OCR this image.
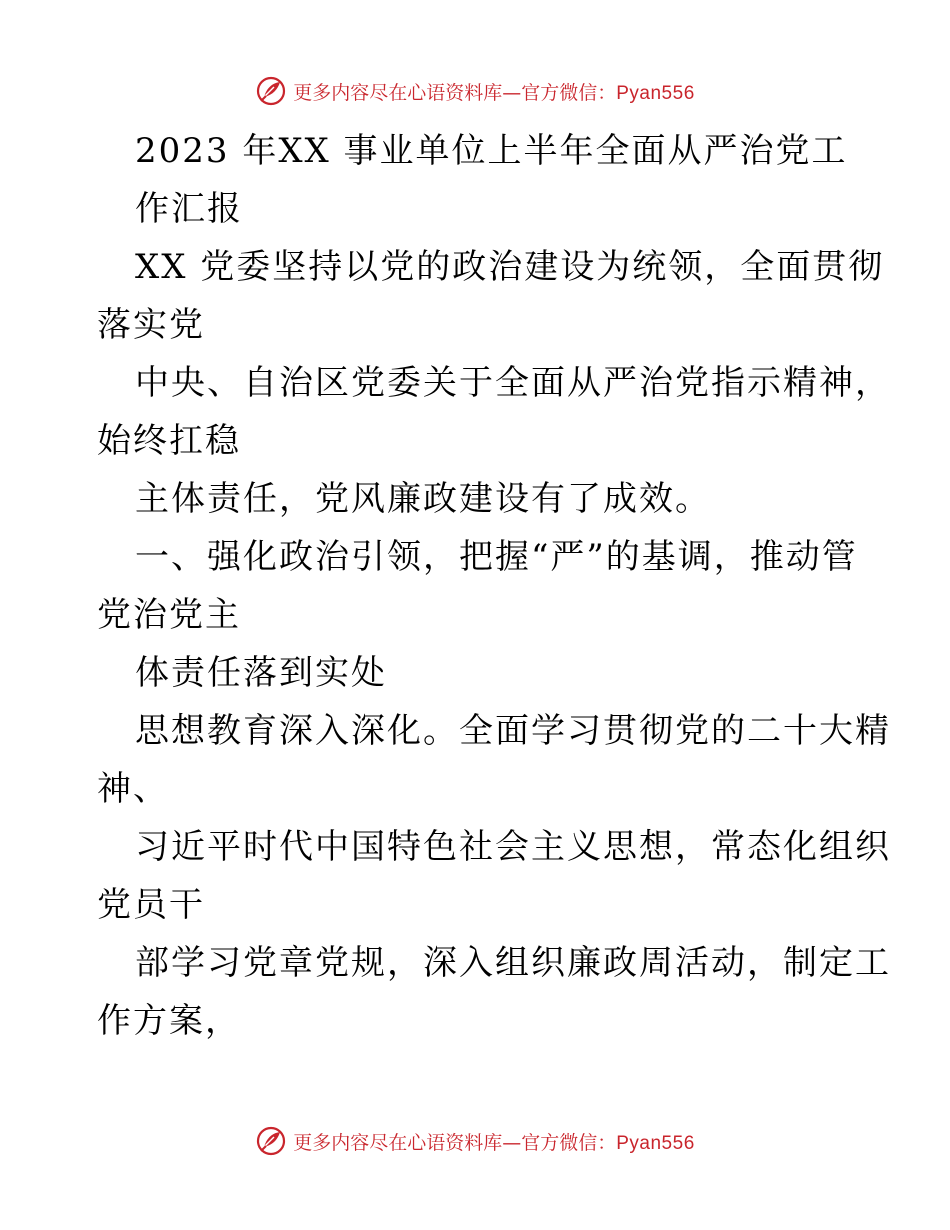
更多内容尽在心语资料库—官方微信：Pyan556
2023 年XX 事业单位上半年全面从严治党工
作汇报
XX 党委坚持以党的政治建设为统领，全面贯彻
落实党
中央、自治区党委关于全面从严治党指示精神，
始终扛稳
主体责任，党风廉政建设有了成效。
一、强化政治引领，把握“严”的基调，推动管
党治党主
体责任落到实处
思想教育深入深化。全面学习贯彻党的二十大精
神、
习近平时代中国特色社会主义思想，常态化组织
党员干
部学习党章党规，深入组织廉政周活动，制定工
作方案，
更多内容尽在心语资料库—官方微信：Pyan556
